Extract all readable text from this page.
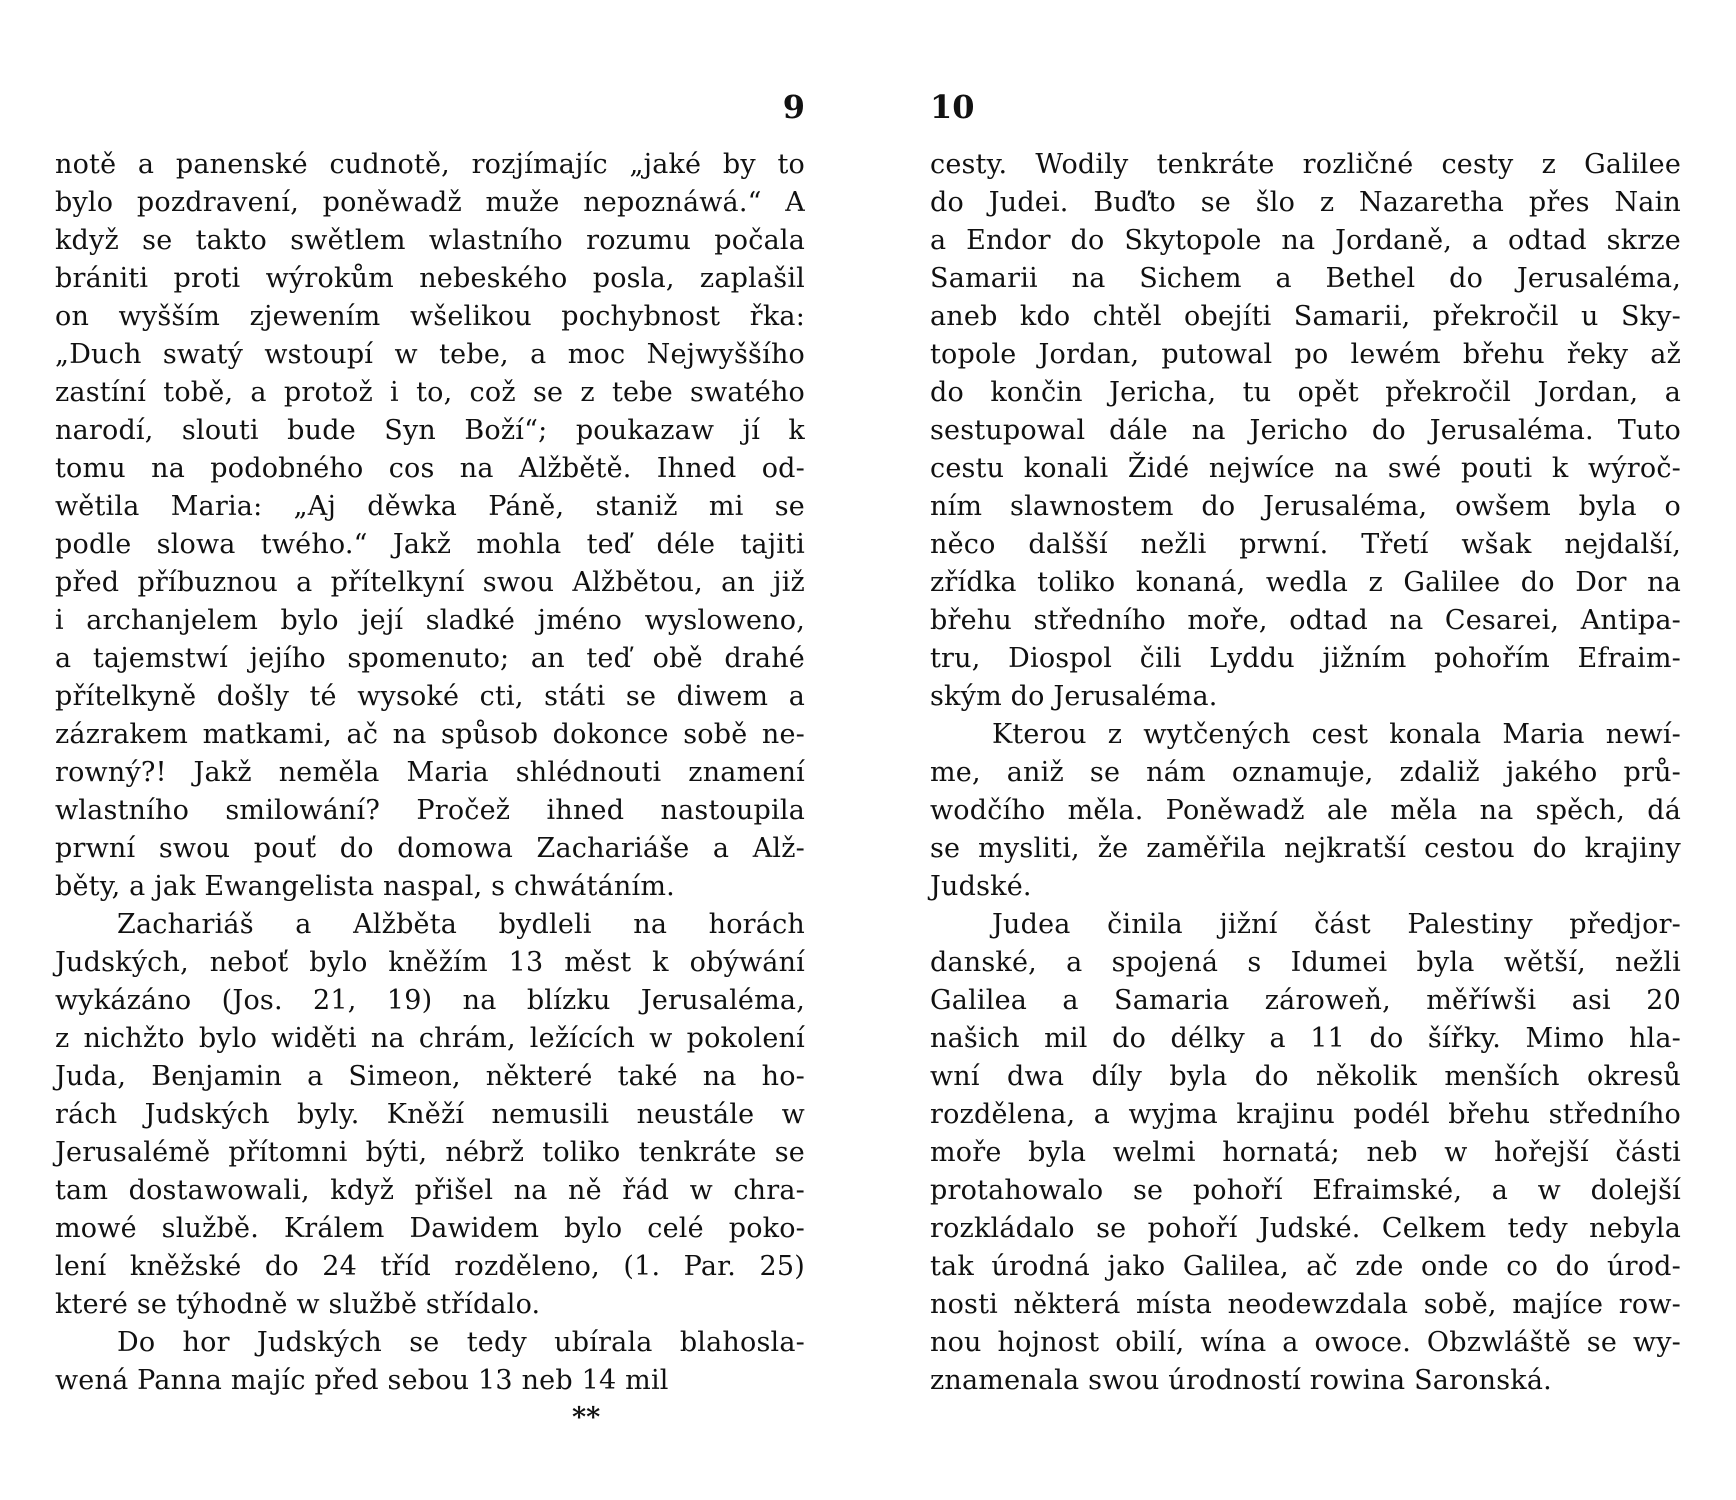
9
notě a panenské cudnotě, rozjímajíc „jaké by to
bylo pozdravení, poněwadž muže nepoznáwá.“ A
když se takto swětlem wlastního rozumu počala
brániti proti wýrokům nebeského posla, zaplašil
on wyšším zjewením wšelikou pochybnost řka:
„Duch swatý wstoupí w tebe, a moc Nejwyššího
zastíní tobě, a protož i to, což se z tebe swatého
narodí, slouti bude Syn Boží“; poukazaw jí k
tomu na podobného cos na Alžbětě. Ihned od-
wětila Maria: „Aj děwka Páně, staniž mi se
podle slowa twého.“ Jakž mohla teď déle tajiti
před příbuznou a přítelkyní swou Alžbětou, an již
i archanjelem bylo její sladké jméno wysloweno,
a tajemstwí jejího spomenuto; an teď obě drahé
přítelkyně došly té wysoké cti, státi se diwem a
zázrakem matkami, ač na spůsob dokonce sobě ne-
rowný?! Jakž neměla Maria shlédnouti znamení
wlastního smilowání? Pročež ihned nastoupila
prwní swou pouť do domowa Zachariáše a Alž-
běty, a jak Ewangelista naspal, s chwátáním.
Zachariáš a Alžběta bydleli na horách
Judských, neboť bylo kněžím 13 měst k obýwání
wykázáno (Jos. 21, 19) na blízku Jerusaléma,
z nichžto bylo widěti na chrám, ležících w pokolení
Juda, Benjamin a Simeon, některé také na ho-
rách Judských byly. Kněží nemusili neustále w
Jerusalémě přítomni býti, nébrž toliko tenkráte se
tam dostawowali, když přišel na ně řád w chra-
mowé službě. Králem Dawidem bylo celé poko-
lení kněžské do 24 tříd rozděleno, (1. Par. 25)
které se týhodně w službě střídalo.
Do hor Judských se tedy ubírala blahosla-
wená Panna majíc před sebou 13 neb 14 mil
**
10
cesty. Wodily tenkráte rozličné cesty z Galilee
do Judei. Buďto se šlo z Nazaretha přes Nain
a Endor do Skytopole na Jordaně, a odtad skrze
Samarii na Sichem a Bethel do Jerusaléma,
aneb kdo chtěl obejíti Samarii, překročil u Sky-
topole Jordan, putowal po lewém břehu řeky až
do končin Jericha, tu opět překročil Jordan, a
sestupowal dále na Jericho do Jerusaléma. Tuto
cestu konali Židé nejwíce na swé pouti k wýroč-
ním slawnostem do Jerusaléma, owšem byla o
něco dalšší nežli prwní. Třetí wšak nejdalší,
zřídka toliko konaná, wedla z Galilee do Dor na
břehu středního moře, odtad na Cesarei, Antipa-
tru, Diospol čili Lyddu jižním pohořím Efraim-
ským do Jerusaléma.
Kterou z wytčených cest konala Maria newí-
me, aniž se nám oznamuje, zdaliž jakého prů-
wodčího měla. Poněwadž ale měla na spěch, dá
se mysliti, že zaměřila nejkratší cestou do krajiny
Judské.
Judea činila jižní část Palestiny předjor-
danské, a spojená s Idumei byla wětší, nežli
Galilea a Samaria zároweň, měříwši asi 20
našich mil do délky a 11 do šířky. Mimo hla-
wní dwa díly byla do několik menších okresů
rozdělena, a wyjma krajinu podél břehu středního
moře byla welmi hornatá; neb w hořejší části
protahowalo se pohoří Efraimské, a w dolejší
rozkládalo se pohoří Judské. Celkem tedy nebyla
tak úrodná jako Galilea, ač zde onde co do úrod-
nosti některá místa neodewzdala sobě, majíce row-
nou hojnost obilí, wína a owoce. Obzwláště se wy-
znamenala swou úrodností rowina Saronská.
